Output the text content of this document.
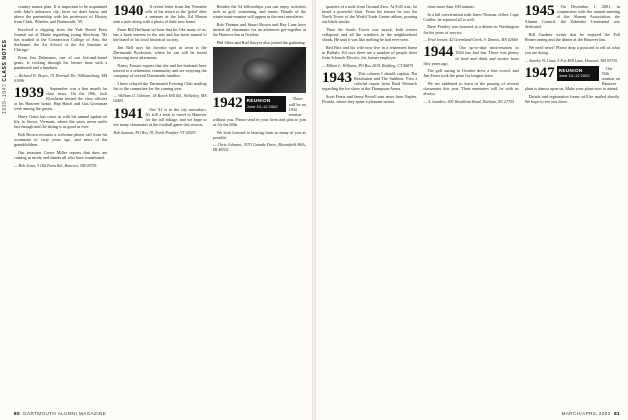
1939–1947 CLASS NOTES

country manor plan. It is important to be acquainted with Jake's unknown city, faces we don't know, and above the partnership with his professors of History from Clark, Wheeler and Dartmouth, '39.

Involved a clipping from the Yale Beach Press Journal out of Maine regarding young Shortstop. 'He has studied at the Connecticut College of Arts, the Sorbonne, the Art School of the Art Institute of Chicago.'

From Jim Delamater, one of our lost-and-found gents, is rocking through his leisure time with a paintbrush and a handsaw.

— Richard W. Boyce, 75 Dovetail Dr., Williamsburg, MA 01096

1939	September was a fine month for class news. On the 19th, Jack Florsheim hosted the class officers at his Hanover home. Hap Hatch and Gus Grossman were among the guests.

Harry Gates has come in with his annual update on life in Stowe, Vermont, where the snow never melts fast enough and the skiing is as good as ever.

Bob Brown recounts a welcome phone call from his roommate of sixty years ago, and news of the grandchildren.

Our treasurer Carter Miller reports that dues are coming in nicely and thanks all who have contributed.

— Bob Jones, 3 Old Farm Rd., Hanover, NH 03755

1940	A recent letter from Jim Vermette tells of his return to the 'grind' after a summer at the lake. Ed Mason sent a note along with a photo of their new home.

From Bill Hoffman we hear that he, like many of us, has a keen interest in the arts and has been named to the board of his local historical society.

Jim Bell says his favorite spot in town is the Dartmouth Bookstore, where he can still be found browsing most afternoons.

Nancy Forster reports that she and her husband have moved to a retirement community and are enjoying the company of several Dartmouth families.

I have relayed the Dartmouth Evening Club mailing list to the committee for the coming year.

— William O. Gilmore, 18 Beech Hill Rd., Wellesley, MA 02481

1941	Our '41 is in the city nowadays. It's still a treat to travel to Hanover for the fall foliage, and we hope to see many classmates at the football game this season.

Bob Janssen, PO Box 78, North Pomfret, VT 05053

Besides the 54 fellowships you can enjoy activities such as golf, swimming, and tennis. Details of the winter mini-reunion will appear in the next newsletter.

Bob Thomas and Stuart Brown and Ray Lane have invited all classmates for an afternoon get-together at the Hanover Inn in October.

Phil Sikes and Bud Sawyer also joined the gathering.

1942 REUNION
June 10–12 2002

There will be no 1942 reunion without you. Please send in your form and plan to join us for the 60th.

We look forward to hearing from as many of you as possible.

— Chris Johnson, 3570 Canada Drive, Bloomfield Hills, MI 48302

80 DARTMOUTH ALUMNI MAGAZINE

quarters of a mile from Ground Zero. At 8:45 a.m., he heard a powerful blast. From his terrace he saw the North Tower of the World Trade Center ablaze, pouring out black smoke.

Then the South Tower was struck, both towers collapsed, and all the windows in the neighborhood shook. He said it was like nothing he had ever seen.

Red Brix and his wife now live in a retirement home in Buffalo. Ed says there are a number of people there from Schenck Electric, his former employer.

— Milton L. Williams, PO Box 2019, Redding, CT 06875

1943	This column I should caption The Resolution and The Sublime. First a colorful report from Brad Weinrich regarding the ice show at the Thompson Arena.

Scott Ferris and Jenny Powell sent news from Naples, Florida, where they spent a pleasant winter.

from more than 100 nations.

In a fall conversation with Jones Thomas, fellow Cape Codder, he reported all is well.

Dave Fernley was honored at a dinner in Washington for his years of service.

— Fred Jensen, 42 Greenland Creek, S. Dennis, MA 02660

1944	Our up-to-date mini-reunion in 1944 has had fun. There was plenty of food and drink and stories from fifty years ago.

The golf outing in October drew a fine crowd, and Jim Ferris took the prize for longest drive.

We are saddened to learn of the passing of several classmates this year. Their memories will be with us always.

— A. Landers, 209 Woodlawn Road, Durham, NC 27705

1945	On December 1, 2001, in conjunction with the annual meeting of the Alumni Association, the Alumni Council, the Zabriskie Centennial was dedicated.

Bill Gardner writes that he enjoyed the Fall Homecoming and the dinner at the Hanover Inn.

We need news! Please drop a postcard to tell us what you are doing.

— Stanley W. Gaus, 5 Fox Hill Lane, Hanover, NH 03755

1947 REUNION
June 10–12 2002

Our 55th reunion on Hanover plain is almost upon us. Make your plans now to attend.

Details and registration forms will be mailed shortly. We hope to see you there.

MARCH/APRIL 2002 81
